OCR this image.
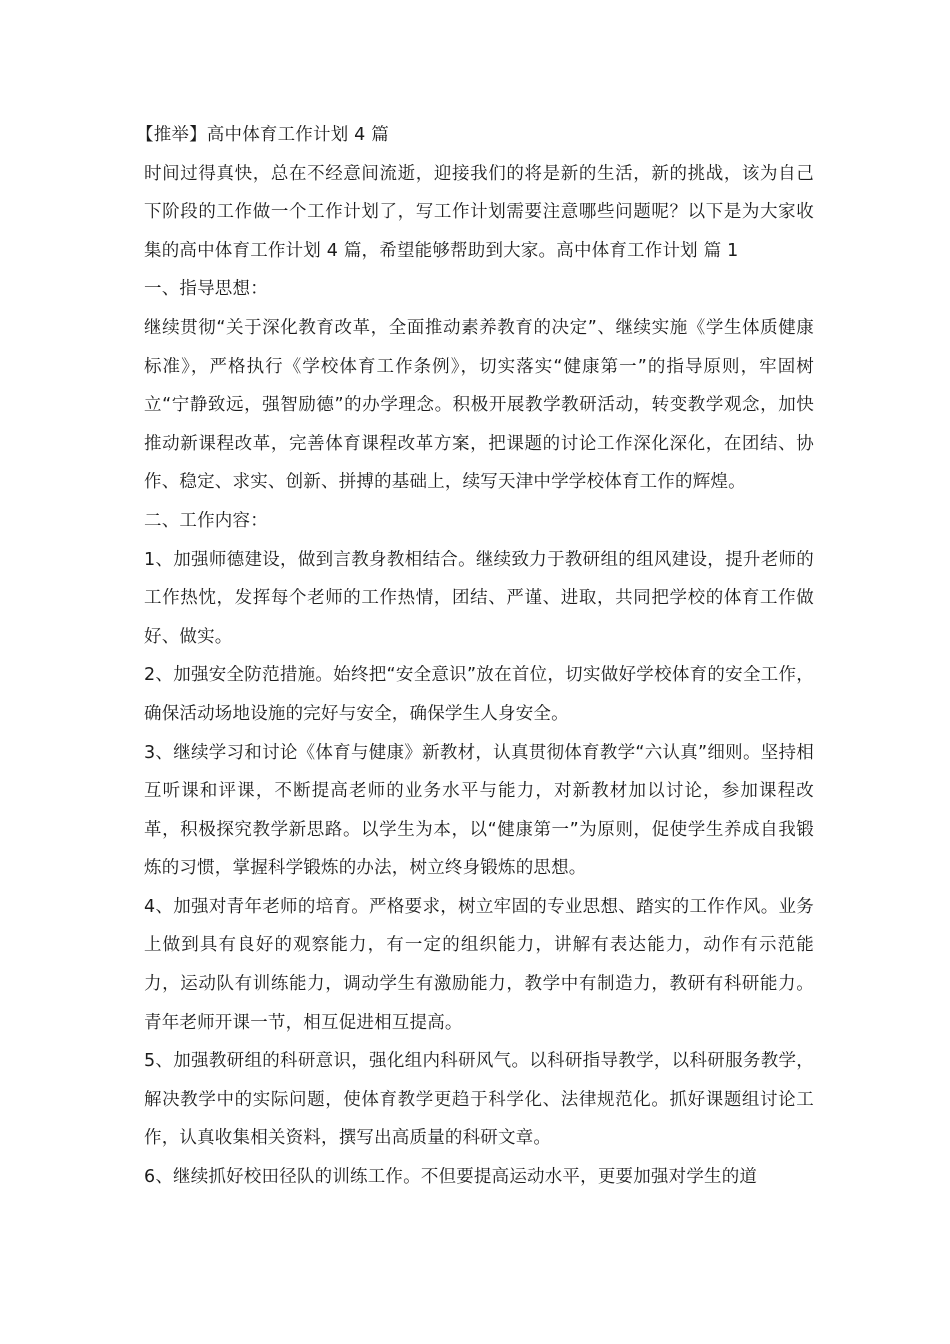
【推举】高中体育工作计划 4 篇

时间过得真快，总在不经意间流逝，迎接我们的将是新的生活，新的挑战，该为自己下阶段的工作做一个工作计划了，写工作计划需要注意哪些问题呢？以下是为大家收集的高中体育工作计划 4 篇，希望能够帮助到大家。高中体育工作计划 篇 1

一、指导思想：

继续贯彻“关于深化教育改革，全面推动素养教育的决定”、继续实施《学生体质健康标准》，严格执行《学校体育工作条例》，切实落实“健康第一”的指导原则，牢固树立“宁静致远，强智励德”的办学理念。积极开展教学教研活动，转变教学观念，加快推动新课程改革，完善体育课程改革方案，把课题的讨论工作深化深化，在团结、协作、稳定、求实、创新、拼搏的基础上，续写天津中学学校体育工作的辉煌。

二、工作内容：

1、加强师德建设，做到言教身教相结合。继续致力于教研组的组风建设，提升老师的工作热忱，发挥每个老师的工作热情，团结、严谨、进取，共同把学校的体育工作做好、做实。

2、加强安全防范措施。始终把“安全意识”放在首位，切实做好学校体育的安全工作，确保活动场地设施的完好与安全，确保学生人身安全。

3、继续学习和讨论《体育与健康》新教材，认真贯彻体育教学“六认真”细则。坚持相互听课和评课，不断提高老师的业务水平与能力，对新教材加以讨论，参加课程改革，积极探究教学新思路。以学生为本，以“健康第一”为原则，促使学生养成自我锻炼的习惯，掌握科学锻炼的办法，树立终身锻炼的思想。

4、加强对青年老师的培育。严格要求，树立牢固的专业思想、踏实的工作作风。业务上做到具有良好的观察能力，有一定的组织能力，讲解有表达能力，动作有示范能力，运动队有训练能力，调动学生有激励能力，教学中有制造力，教研有科研能力。青年老师开课一节，相互促进相互提高。

5、加强教研组的科研意识，强化组内科研风气。以科研指导教学，以科研服务教学，解决教学中的实际问题，使体育教学更趋于科学化、法律规范化。抓好课题组讨论工作，认真收集相关资料，撰写出高质量的科研文章。

6、继续抓好校田径队的训练工作。不但要提高运动水平，更要加强对学生的道
